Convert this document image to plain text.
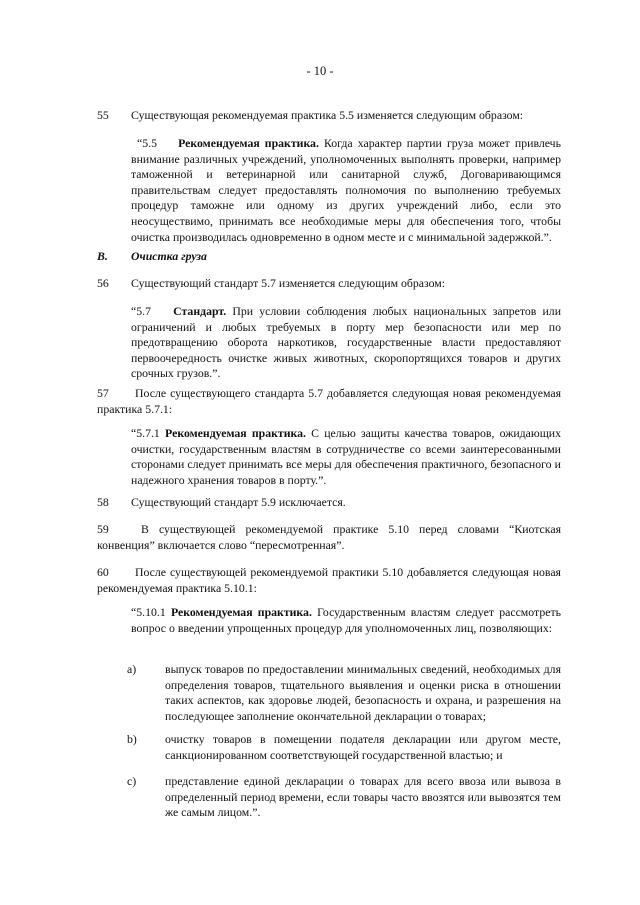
- 10 -
55 Существующая рекомендуемая практика 5.5 изменяется следующим образом:
“5.5 Рекомендуемая практика. Когда характер партии груза может привлечь внимание различных учреждений, уполномоченных выполнять проверки, например таможенной и ветеринарной или санитарной служб, Договаривающимся правительствам следует предоставлять полномочия по выполнению требуемых процедур таможне или одному из других учреждений либо, если это неосуществимо, принимать все необходимые меры для обеспечения того, чтобы очистка производилась одновременно в одном месте и с минимальной задержкой.”.
B. Очистка груза
56 Существующий стандарт 5.7 изменяется следующим образом:
“5.7 Стандарт. При условии соблюдения любых национальных запретов или ограничений и любых требуемых в порту мер безопасности или мер по предотвращению оборота наркотиков, государственные власти предоставляют первоочередность очистке живых животных, скоропортящихся товаров и других срочных грузов.”.
57 После существующего стандарта 5.7 добавляется следующая новая рекомендуемая практика 5.7.1:
“5.7.1 Рекомендуемая практика. С целью защиты качества товаров, ожидающих очистки, государственным властям в сотрудничестве со всеми заинтересованными сторонами следует принимать все меры для обеспечения практичного, безопасного и надежного хранения товаров в порту.”.
58 Существующий стандарт 5.9 исключается.
59	В существующей рекомендуемой практике 5.10 перед словами “Киотская конвенция” включается слово “пересмотренная”.
60 После существующей рекомендуемой практики 5.10 добавляется следующая новая рекомендуемая практика 5.10.1:
“5.10.1 Рекомендуемая практика. Государственным властям следует рассмотреть вопрос о введении упрощенных процедур для уполномоченных лиц, позволяющих:
a) выпуск товаров по предоставлении минимальных сведений, необходимых для определения товаров, тщательного выявления и оценки риска в отношении таких аспектов, как здоровье людей, безопасность и охрана, и разрешения на последующее заполнение окончательной декларации о товарах;
b) очистку товаров в помещении подателя декларации или другом месте, санкционированном соответствующей государственной властью; и
c) представление единой декларации о товарах для всего ввоза или вывоза в определенный период времени, если товары часто ввозятся или вывозятся тем же самым лицом.”.
